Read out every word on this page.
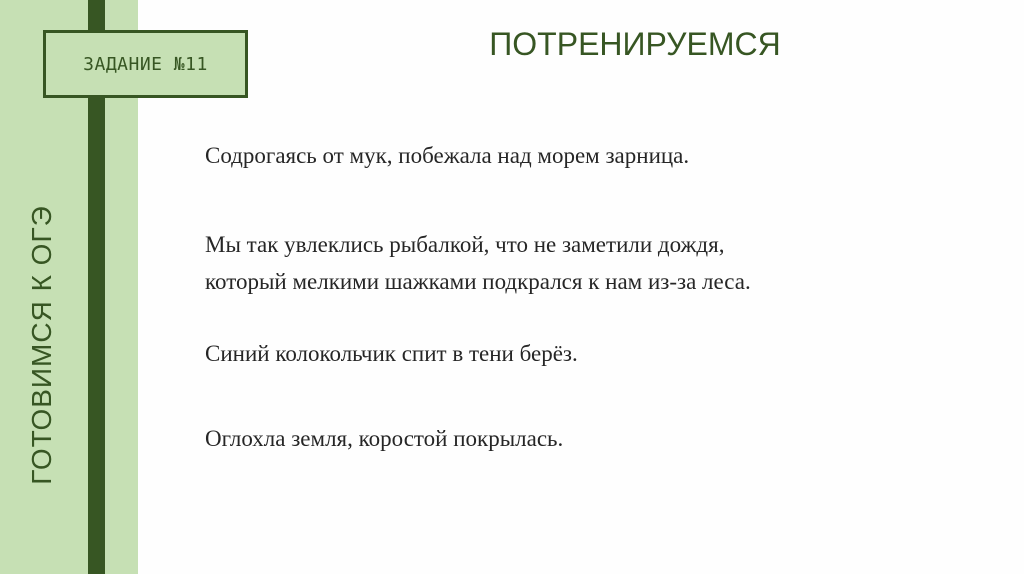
ЗАДАНИЕ №11
ГОТОВИМСЯ К ОГЭ
ПОТРЕНИРУЕМСЯ

Содрогаясь от мук, побежала над морем зарница.

Мы так увлеклись рыбалкой, что не заметили дождя,

который мелкими шажками подкрался к нам из-за леса.

Синий колокольчик спит в тени берёз.

Оглохла земля, коростой покрылась.
